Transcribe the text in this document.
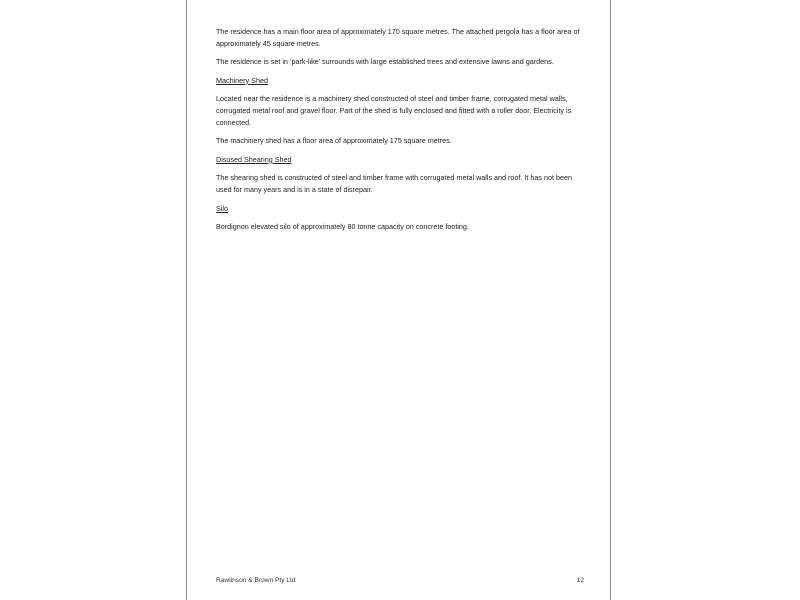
The residence has a main floor area of approximately 170 square metres. The attached pergola has a floor area of approximately 45 square metres.

The residence is set in ‘park-like’ surrounds with large established trees and extensive lawns and gardens.

Machinery Shed

Located near the residence is a machinery shed constructed of steel and timber frame, corrugated metal walls, corrugated metal roof and gravel floor. Part of the shed is fully enclosed and fitted with a roller door. Electricity is connected.

The machinery shed has a floor area of approximately 175 square metres.

Disused Shearing Shed

The shearing shed is constructed of steel and timber frame with corrugated metal walls and roof. It has not been used for many years and is in a state of disrepair.

Silo

Bordignon elevated silo of approximately 80 tonne capacity on concrete footing.

Rawlinson & Brown Pty Ltd	12
